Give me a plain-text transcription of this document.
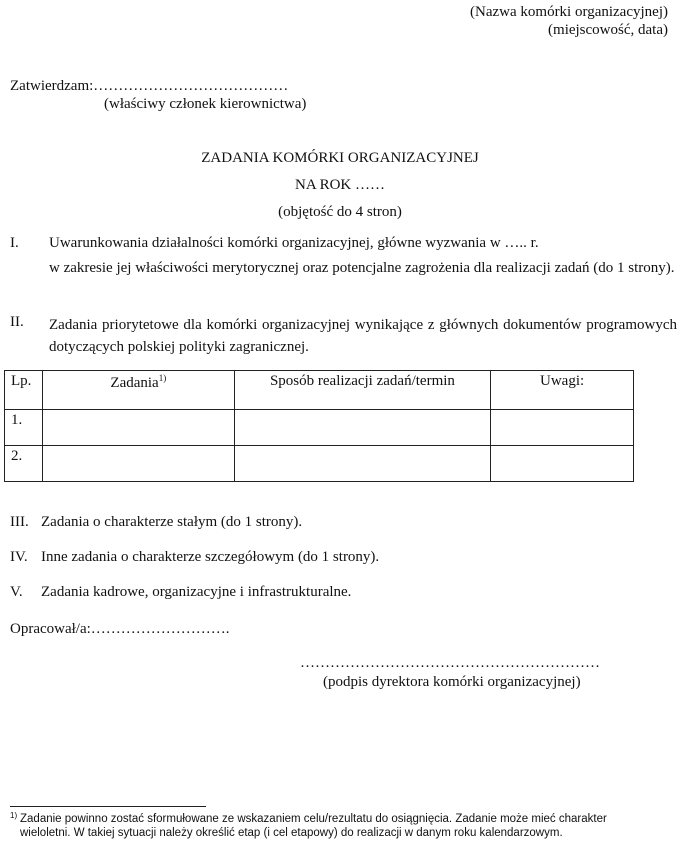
(Nazwa komórki organizacyjnej)
(miejscowość, data)
Zatwierdzam:…………………………………
(właściwy członek kierownictwa)
ZADANIA KOMÓRKI ORGANIZACYJNEJ
NA ROK ……
(objętość do 4 stron)
I. Uwarunkowania działalności komórki organizacyjnej, główne wyzwania w ….. r.
w zakresie jej właściwości merytorycznej oraz potencjalne zagrożenia dla realizacji zadań (do 1 strony).
II. Zadania priorytetowe dla komórki organizacyjnej wynikające z głównych dokumentów programowych dotyczących polskiej polityki zagranicznej.
Lp.	Zadania$^{1)}$	Sposób realizacji zadań/termin	Uwagi:
1.			
2.			
III. Zadania o charakterze stałym (do 1 strony).
IV. Inne zadania o charakterze szczegółowym (do 1 strony).
V. Zadania kadrowe, organizacyjne i infrastrukturalne.
Opracował/a:……………………….
……………………………………………………
(podpis dyrektora komórki organizacyjnej)
1) Zadanie powinno zostać sformułowane ze wskazaniem celu/rezultatu do osiągnięcia. Zadanie może mieć charakter wieloletni. W takiej sytuacji należy określić etap (i cel etapowy) do realizacji w danym roku kalendarzowym.
